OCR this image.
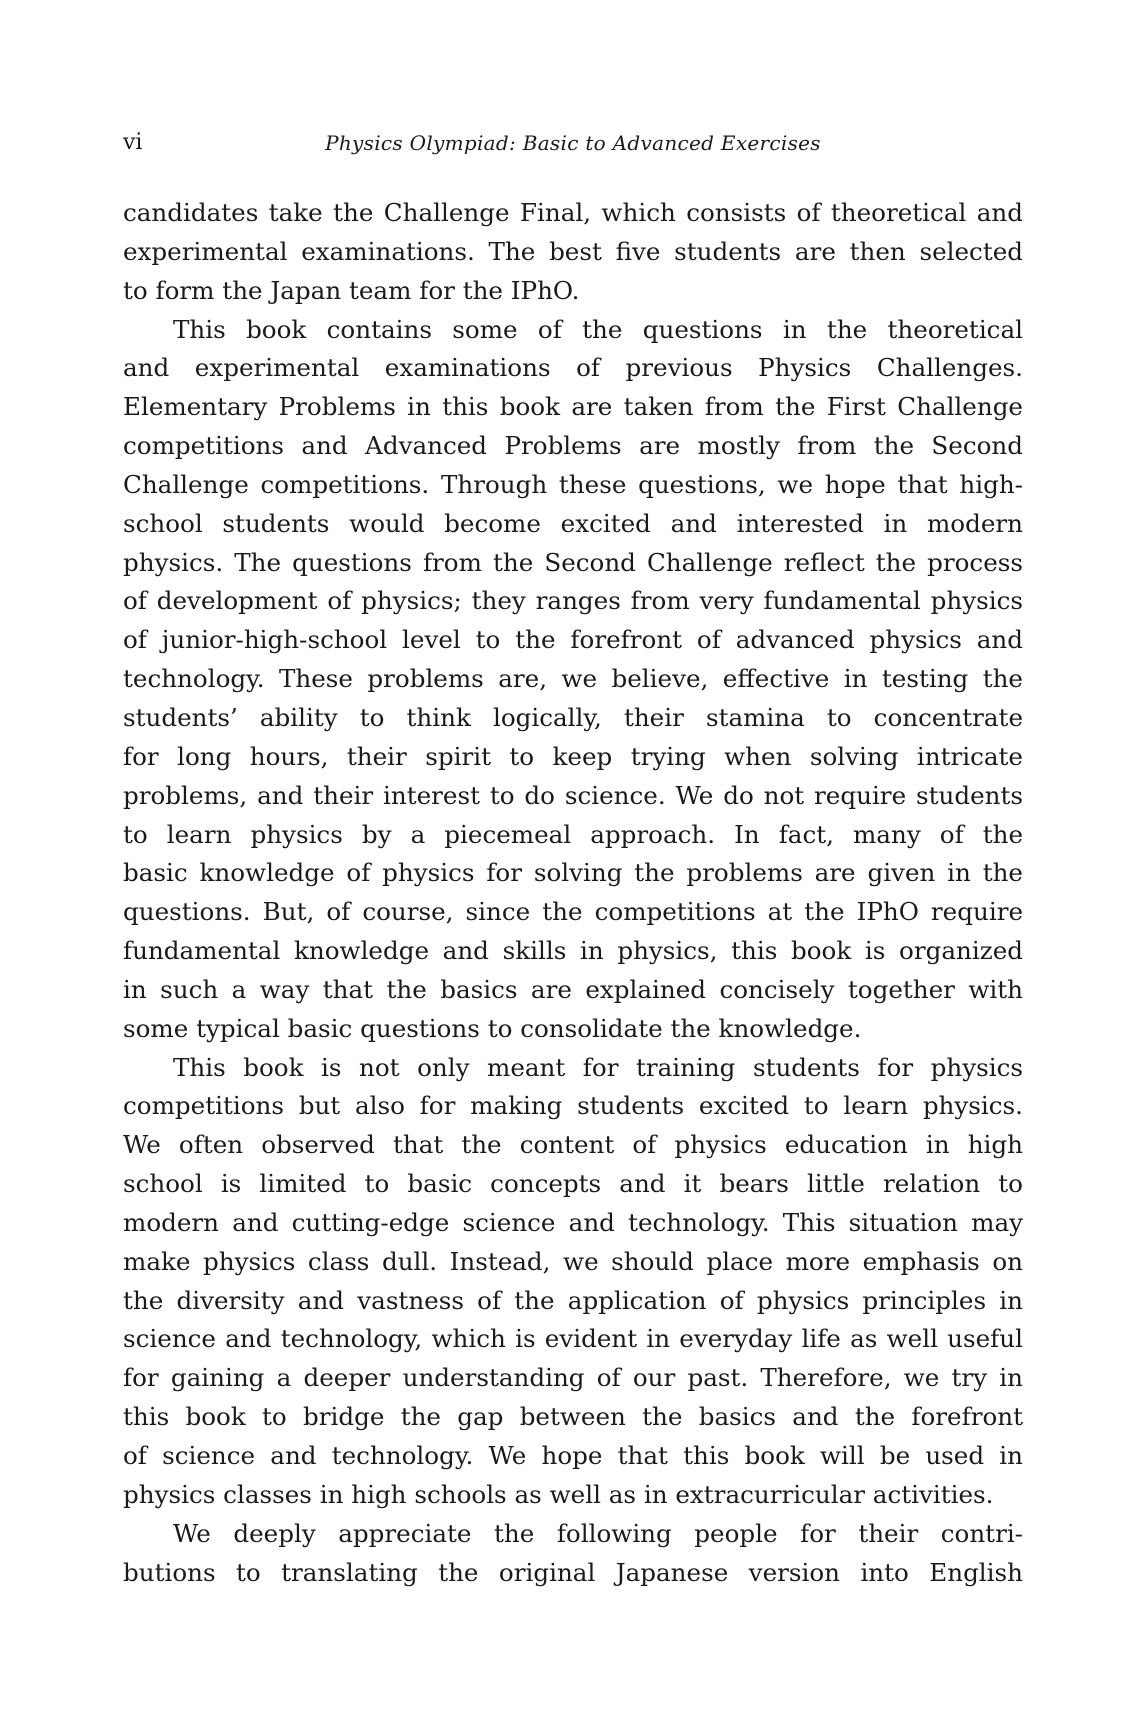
vi	Physics Olympiad: Basic to Advanced Exercises
candidates take the Challenge Final, which consists of theoretical and
experimental examinations. The best five students are then selected
to form the Japan team for the IPhO.
This book contains some of the questions in the theoretical
and experimental examinations of previous Physics Challenges.
Elementary Problems in this book are taken from the First Challenge
competitions and Advanced Problems are mostly from the Second
Challenge competitions. Through these questions, we hope that high-
school students would become excited and interested in modern
physics. The questions from the Second Challenge reflect the process
of development of physics; they ranges from very fundamental physics
of junior-high-school level to the forefront of advanced physics and
technology. These problems are, we believe, effective in testing the
students’ ability to think logically, their stamina to concentrate
for long hours, their spirit to keep trying when solving intricate
problems, and their interest to do science. We do not require students
to learn physics by a piecemeal approach. In fact, many of the
basic knowledge of physics for solving the problems are given in the
questions. But, of course, since the competitions at the IPhO require
fundamental knowledge and skills in physics, this book is organized
in such a way that the basics are explained concisely together with
some typical basic questions to consolidate the knowledge.
This book is not only meant for training students for physics
competitions but also for making students excited to learn physics.
We often observed that the content of physics education in high
school is limited to basic concepts and it bears little relation to
modern and cutting-edge science and technology. This situation may
make physics class dull. Instead, we should place more emphasis on
the diversity and vastness of the application of physics principles in
science and technology, which is evident in everyday life as well useful
for gaining a deeper understanding of our past. Therefore, we try in
this book to bridge the gap between the basics and the forefront
of science and technology. We hope that this book will be used in
physics classes in high schools as well as in extracurricular activities.
We deeply appreciate the following people for their contri-
butions to translating the original Japanese version into English
